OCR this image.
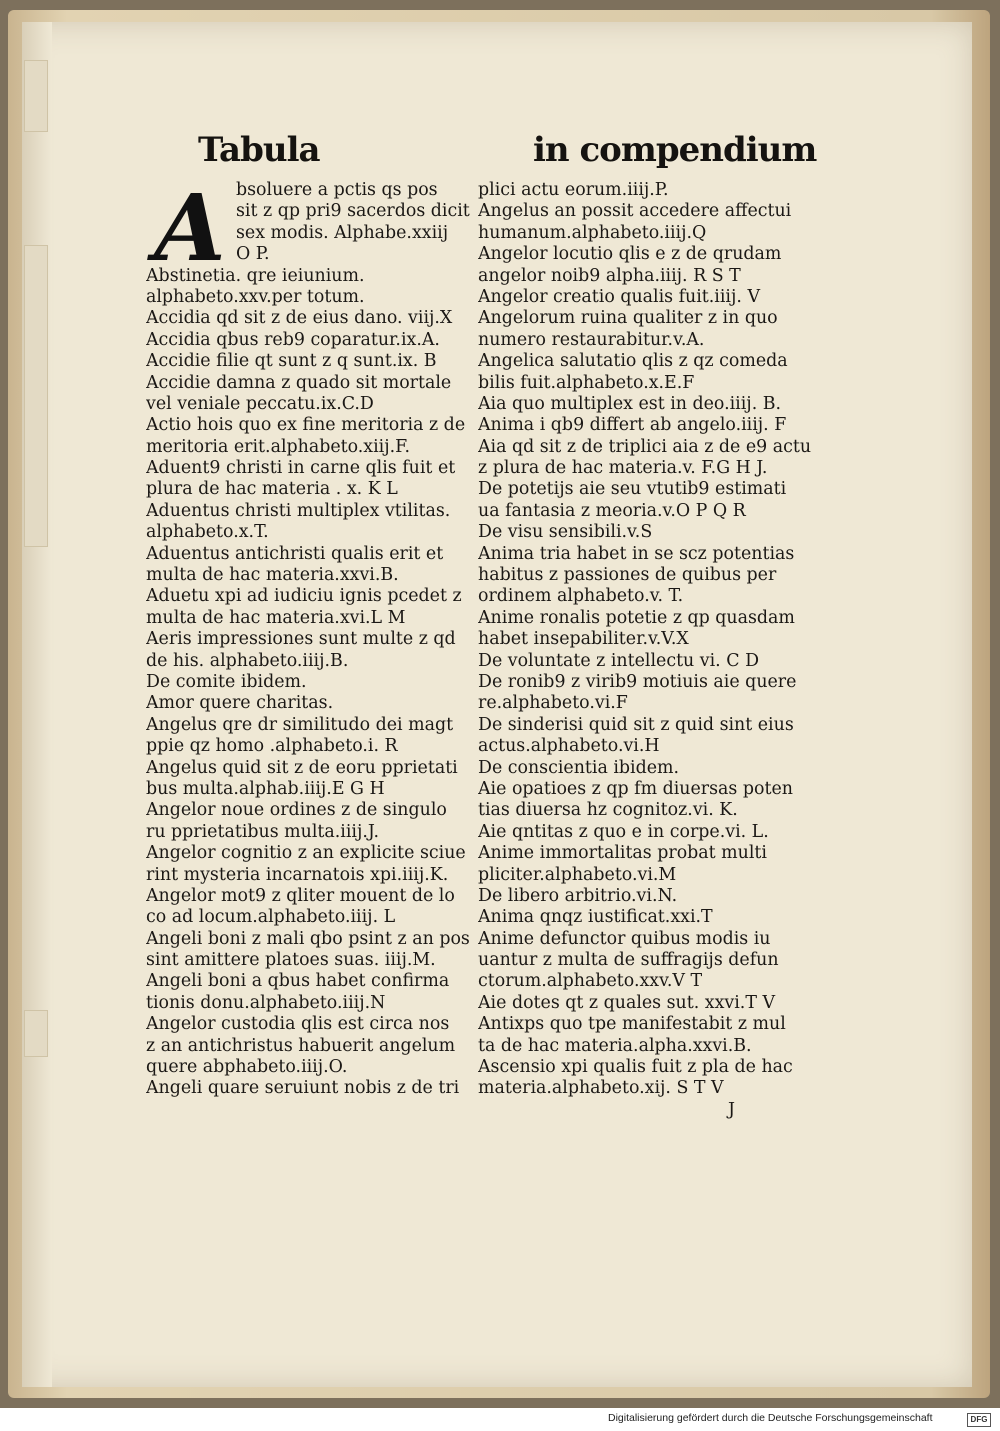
Tabula	in compendium
A bsoluere a pctis qs pos
sit z qp pri9 sacerdos dicit
sex modis. Alphabe.xxiij
O P.
Abstinetia. qre ieiunium.
alphabeto.xxv.per totum.
Accidia qd sit z de eius dano. viij.X
Accidia qbus reb9 coparatur.ix.A.
Accidie filie qt sunt z q sunt.ix. B
Accidie damna z quado sit mortale
vel veniale peccatu.ix.C.D
Actio hois quo ex fine meritoria z de
meritoria erit.alphabeto.xiij.F.
Aduent9 christi in carne qlis fuit et
plura de hac materia . x. K L
Aduentus christi multiplex vtilitas.
alphabeto.x.T.
Aduentus antichristi qualis erit et
multa de hac materia.xxvi.B.
Aduetu xpi ad iudiciu ignis pcedet z
multa de hac materia.xvi.L M
Aeris impressiones sunt multe z qd
de his. alphabeto.iiij.B.
De comite ibidem.
Amor quere charitas.
Angelus qre dr similitudo dei magt
ppie qz homo .alphabeto.i. R
Angelus quid sit z de eoru pprietati
bus multa.alphab.iiij.E G H
Angelor noue ordines z de singulo
ru pprietatibus multa.iiij.J.
Angelor cognitio z an explicite sciue
rint mysteria incarnatois xpi.iiij.K.
Angelor mot9 z qliter mouent de lo
co ad locum.alphabeto.iiij. L
Angeli boni z mali qbo psint z an pos
sint amittere platoes suas. iiij.M.
Angeli boni a qbus habet confirma
tionis donu.alphabeto.iiij.N
Angelor custodia qlis est circa nos
z an antichristus habuerit angelum
quere abphabeto.iiij.O.
Angeli quare seruiunt nobis z de tri
plici actu eorum.iiij.P.
Angelus an possit accedere affectui
humanum.alphabeto.iiij.Q
Angelor locutio qlis e z de qrudam
angelor noib9 alpha.iiij. R S T
Angelor creatio qualis fuit.iiij. V
Angelorum ruina qualiter z in quo
numero restaurabitur.v.A.
Angelica salutatio qlis z qz comeda
bilis fuit.alphabeto.x.E.F
Aia quo multiplex est in deo.iiij. B.
Anima i qb9 differt ab angelo.iiij. F
Aia qd sit z de triplici aia z de e9 actu
z plura de hac materia.v. F.G H J.
De potetijs aie seu vtutib9 estimati
ua fantasia z meoria.v.O P Q R
De visu sensibili.v.S
Anima tria habet in se scz potentias
habitus z passiones de quibus per
ordinem alphabeto.v. T.
Anime ronalis potetie z qp quasdam
habet insepabiliter.v.V.X
De voluntate z intellectu vi. C D
De ronib9 z virib9 motiuis aie quere
re.alphabeto.vi.F
De sinderisi quid sit z quid sint eius
actus.alphabeto.vi.H
De conscientia ibidem.
Aie opatioes z qp fm diuersas poten
tias diuersa hz cognitoz.vi. K.
Aie qntitas z quo e in corpe.vi. L.
Anime immortalitas probat multi
pliciter.alphabeto.vi.M
De libero arbitrio.vi.N.
Anima qnqz iustificat.xxi.T
Anime defunctor quibus modis iu
uantur z multa de suffragijs defun
ctorum.alphabeto.xxv.V T
Aie dotes qt z quales sut. xxvi.T V
Antixps quo tpe manifestabit z mul
ta de hac materia.alpha.xxvi.B.
Ascensio xpi qualis fuit z pla de hac
materia.alphabeto.xij. S T V
J
Digitalisierung gefördert durch die Deutsche Forschungsgemeinschaft	DFG
